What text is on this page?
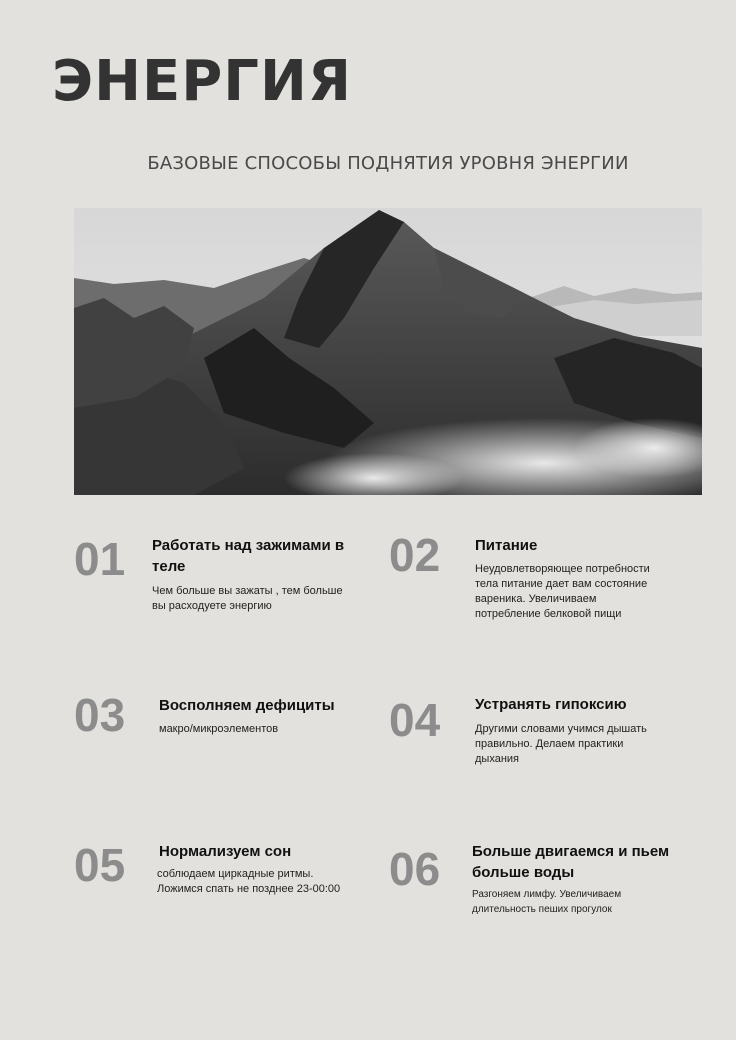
ЭНЕРГИЯ
БАЗОВЫЕ СПОСОБЫ ПОДНЯТИЯ УРОВНЯ ЭНЕРГИИ
01 Работать над зажимами в теле
Чем больше вы зажаты , тем больше вы расходуете энергию
02 Питание
Неудовлетворяющее потребности тела питание дает вам состояние вареника. Увеличиваем потребление белковой пищи
03 Восполняем дефициты
макро/микроэлементов	04 Устранять гипоксию
Другими словами учимся дышать правильно. Делаем практики дыхания
05 Нормализуем сон
соблюдаем циркадные ритмы. Ложимся спать не позднее 23-00:00 06 Больше двигаемся и пьем больше воды
Разгоняем лимфу. Увеличиваем длительность пеших прогулок
